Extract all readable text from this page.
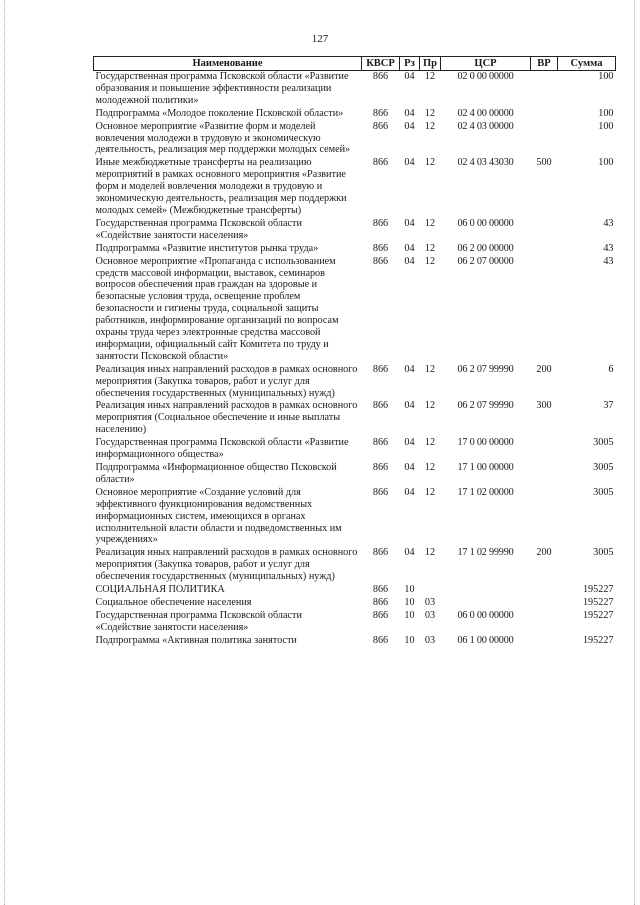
127
Наименование	КВСР	Рз	Пр	ЦСР	ВР	Сумма
Государственная программа Псковской области «Развитие образования и повышение эффективности реализации молодежной политики»	866	04	12	02 0 00 00000		100
Подпрограмма «Молодое поколение Псковской области»	866	04	12	02 4 00 00000		100
Основное мероприятие «Развитие форм и моделей вовлечения молодежи в трудовую и экономическую деятельность, реализация мер поддержки молодых семей»	866	04	12	02 4 03 00000		100
Иные межбюджетные трансферты на реализацию мероприятий в рамках основного мероприятия «Развитие форм и моделей вовлечения молодежи в трудовую и экономическую деятельность, реализация мер поддержки молодых семей» (Межбюджетные трансферты)	866	04	12	02 4 03 43030	500	100
Государственная программа Псковской области «Содействие занятости населения»	866	04	12	06 0 00 00000		43
Подпрограмма «Развитие институтов рынка труда»	866	04	12	06 2 00 00000		43
Основное мероприятие «Пропаганда с использованием средств массовой информации, выставок, семинаров вопросов обеспечения прав граждан на здоровые и безопасные условия труда, освещение проблем безопасности и гигиены труда, социальной защиты работников, информирование организаций по вопросам охраны труда через электронные средства массовой информации, официальный сайт Комитета по труду и занятости Псковской области»	866	04	12	06 2 07 00000		43
Реализация иных направлений расходов в рамках основного мероприятия (Закупка товаров, работ и услуг для обеспечения государственных (муниципальных) нужд)	866	04	12	06 2 07 99990	200	6
Реализация иных направлений расходов в рамках основного мероприятия (Социальное обеспечение и иные выплаты населению)	866	04	12	06 2 07 99990	300	37
Государственная программа Псковской области «Развитие информационного общества»	866	04	12	17 0 00 00000		3005
Подпрограмма «Информационное общество Псковской области»	866	04	12	17 1 00 00000		3005
Основное мероприятие «Создание условий для эффективного функционирования ведомственных информационных систем, имеющихся в органах исполнительной власти области и подведомственных им учреждениях»	866	04	12	17 1 02 00000		3005
Реализация иных направлений расходов в рамках основного мероприятия (Закупка товаров, работ и услуг для обеспечения государственных (муниципальных) нужд)	866	04	12	17 1 02 99990	200	3005
СОЦИАЛЬНАЯ ПОЛИТИКА	866	10				195227
Социальное обеспечение населения	866	10	03			195227
Государственная программа Псковской области «Содействие занятости населения»	866	10	03	06 0 00 00000		195227
Подпрограмма «Активная политика занятости	866	10	03	06 1 00 00000		195227
